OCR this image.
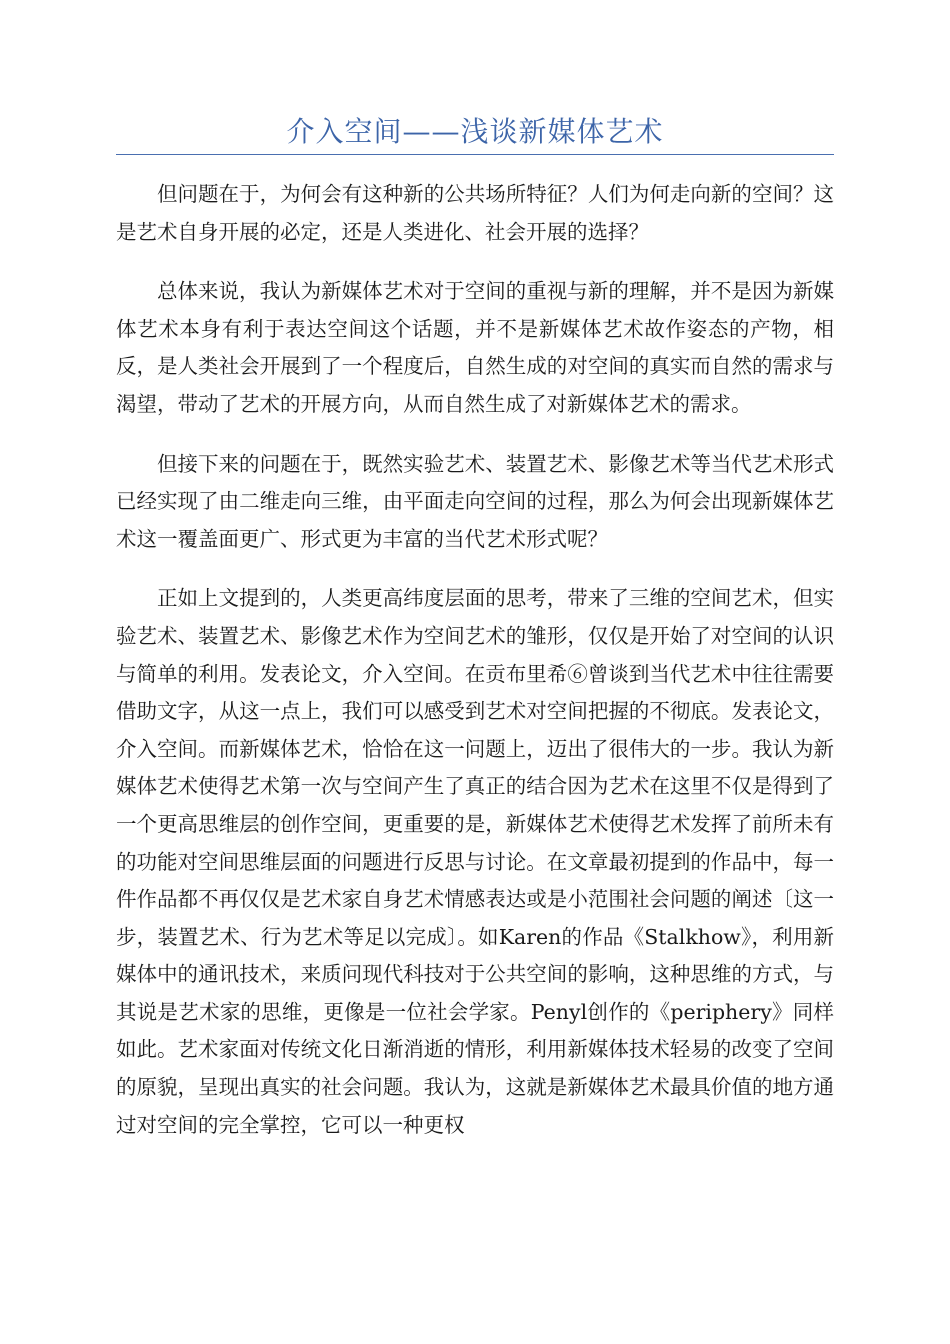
介入空间——浅谈新媒体艺术

但问题在于，为何会有这种新的公共场所特征？人们为何走向新的空间？这是艺术自身开展的必定，还是人类进化、社会开展的选择？

总体来说，我认为新媒体艺术对于空间的重视与新的理解，并不是因为新媒体艺术本身有利于表达空间这个话题，并不是新媒体艺术故作姿态的产物，相反，是人类社会开展到了一个程度后，自然生成的对空间的真实而自然的需求与渴望，带动了艺术的开展方向，从而自然生成了对新媒体艺术的需求。

但接下来的问题在于，既然实验艺术、装置艺术、影像艺术等当代艺术形式已经实现了由二维走向三维，由平面走向空间的过程，那么为何会出现新媒体艺术这一覆盖面更广、形式更为丰富的当代艺术形式呢？

正如上文提到的，人类更高纬度层面的思考，带来了三维的空间艺术，但实验艺术、装置艺术、影像艺术作为空间艺术的雏形，仅仅是开始了对空间的认识与简单的利用。发表论文，介入空间。在贡布里希⑥曾谈到当代艺术中往往需要借助文字，从这一点上，我们可以感受到艺术对空间把握的不彻底。发表论文，介入空间。而新媒体艺术，恰恰在这一问题上，迈出了很伟大的一步。我认为新媒体艺术使得艺术第一次与空间产生了真正的结合因为艺术在这里不仅是得到了一个更高思维层的创作空间，更重要的是，新媒体艺术使得艺术发挥了前所未有的功能对空间思维层面的问题进行反思与讨论。在文章最初提到的作品中，每一件作品都不再仅仅是艺术家自身艺术情感表达或是小范围社会问题的阐述〔这一步，装置艺术、行为艺术等足以完成〕。如Karen的作品《Stalkhow》，利用新媒体中的通讯技术，来质问现代科技对于公共空间的影响，这种思维的方式，与其说是艺术家的思维，更像是一位社会学家。Penyl创作的《periphery》同样如此。艺术家面对传统文化日渐消逝的情形，利用新媒体技术轻易的改变了空间的原貌，呈现出真实的社会问题。我认为，这就是新媒体艺术最具价值的地方通过对空间的完全掌控，它可以一种更权
